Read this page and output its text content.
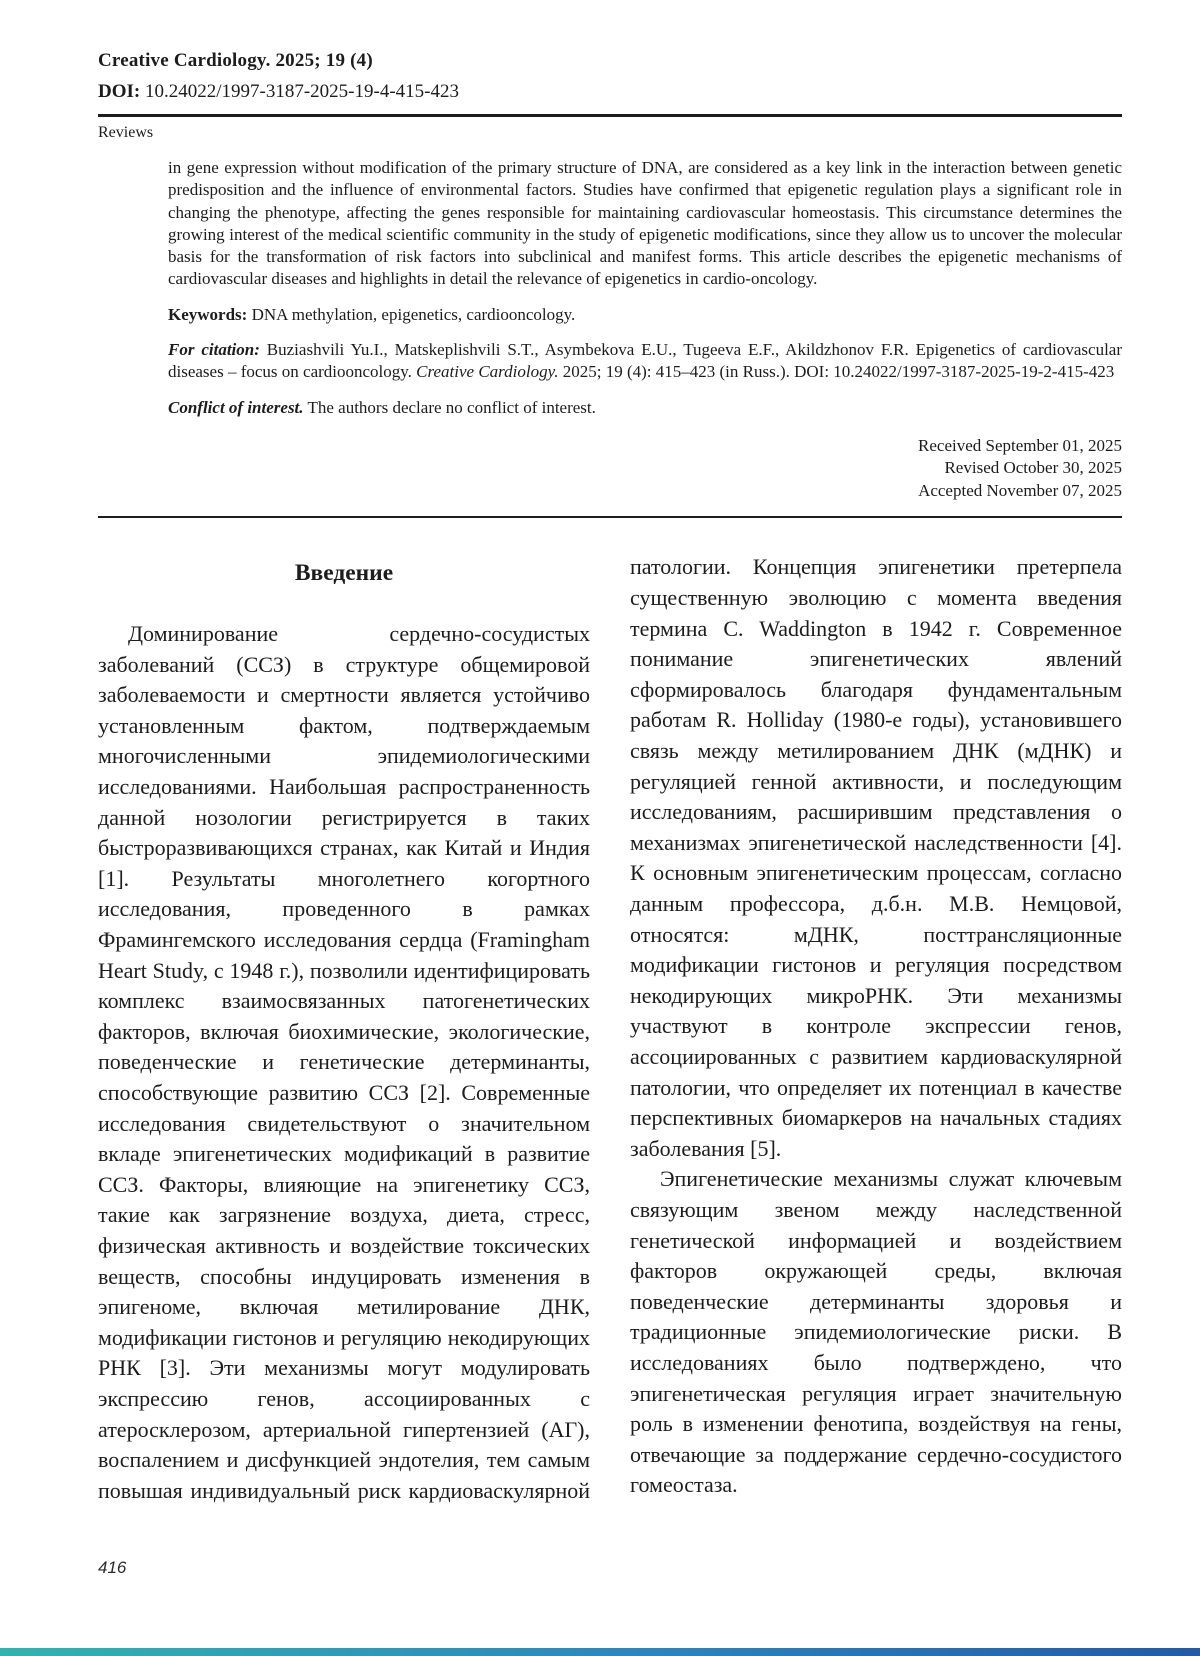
Creative Cardiology. 2025; 19 (4)
DOI: 10.24022/1997-3187-2025-19-4-415-423
Reviews

in gene expression without modification of the primary structure of DNA, are considered as a key link in the interaction between genetic predisposition and the influence of environmental factors. Studies have confirmed that epigenetic regulation plays a significant role in changing the phenotype, affecting the genes responsible for maintaining cardiovascular homeostasis. This circumstance determines the growing interest of the medical scientific community in the study of epigenetic modifications, since they allow us to uncover the molecular basis for the transformation of risk factors into subclinical and manifest forms. This article describes the epigenetic mechanisms of cardiovascular diseases and highlights in detail the relevance of epigenetics in cardio-oncology.

Keywords: DNA methylation, epigenetics, cardiooncology.

For citation: Buziashvili Yu.I., Matskeplishvili S.T., Asymbekova E.U., Tugeeva E.F., Akildzhonov F.R. Epigenetics of cardiovascular diseases – focus on cardiooncology. Creative Cardiology. 2025; 19 (4): 415–423 (in Russ.). DOI: 10.24022/1997-3187-2025-19-2-415-423

Conflict of interest. The authors declare no conflict of interest.

Received September 01, 2025
Revised October 30, 2025
Accepted November 07, 2025
Введение

Доминирование сердечно-сосудистых заболеваний (ССЗ) в структуре общемировой заболеваемости и смертности является устойчиво установленным фактом, подтверждаемым многочисленными эпидемиологическими исследованиями. Наибольшая распространенность данной нозологии регистрируется в таких быстроразвивающихся странах, как Китай и Индия [1]. Результаты многолетнего когортного исследования, проведенного в рамках Фрамингемского исследования сердца (Framingham Heart Study, с 1948 г.), позволили идентифицировать комплекс взаимосвязанных патогенетических факторов, включая биохимические, экологические, поведенческие и генетические детерминанты, способствующие развитию ССЗ [2]. Современные исследования свидетельствуют о значительном вкладе эпигенетических модификаций в развитие ССЗ. Факторы, влияющие на эпигенетику ССЗ, такие как загрязнение воздуха, диета, стресс, физическая активность и воздействие токсических веществ, способны индуцировать изменения в эпигеноме, включая метилирование ДНК, модификации гистонов и регуляцию некодирующих РНК [3]. Эти механизмы могут модулировать экспрессию генов, ассоциированных с атеросклерозом, артериальной гипертензией (АГ), воспалением и дисфункцией эндотелия, тем самым повышая индивидуальный риск кардиоваскулярной патологии. Концепция эпигенетики претерпела существенную эволюцию с момента введения термина C. Waddington в 1942 г. Современное понимание эпигенетических явлений сформировалось благодаря фундаментальным работам R. Holliday (1980-е годы), установившего связь между метилированием ДНК (мДНК) и регуляцией генной активности, и последующим исследованиям, расширившим представления о механизмах эпигенетической наследственности [4]. К основным эпигенетическим процессам, согласно данным профессора, д.б.н. М.В. Немцовой, относятся: мДНК, посттрансляционные модификации гистонов и регуляция посредством некодирующих микроРНК. Эти механизмы участвуют в контроле экспрессии генов, ассоциированных с развитием кардиоваскулярной патологии, что определяет их потенциал в качестве перспективных биомаркеров на начальных стадиях заболевания [5].

Эпигенетические механизмы служат ключевым связующим звеном между наследственной генетической информацией и воздействием факторов окружающей среды, включая поведенческие детерминанты здоровья и традиционные эпидемиологические риски. В исследованиях было подтверждено, что эпигенетическая регуляция играет значительную роль в изменении фенотипа, воздействуя на гены, отвечающие за поддержание сердечно-сосудистого гомеостаза.

416
